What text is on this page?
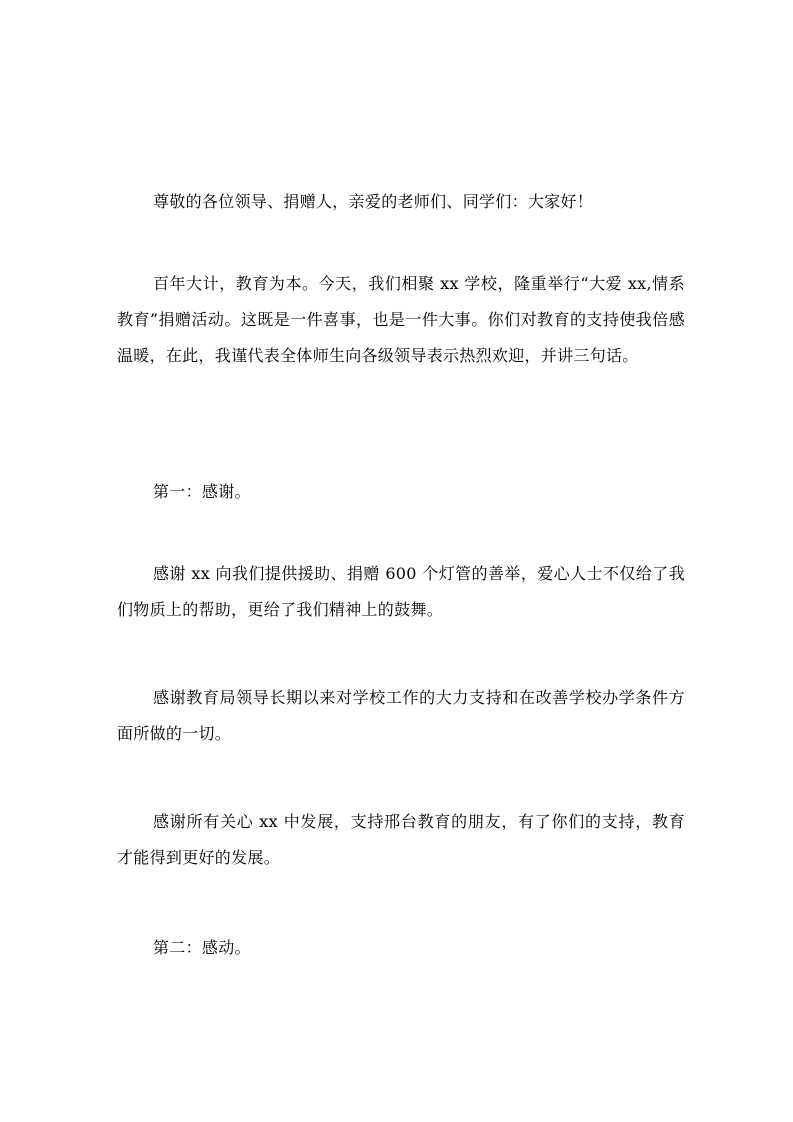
尊敬的各位领导、捐赠人，亲爱的老师们、同学们：大家好！

百年大计，教育为本。今天，我们相聚 xx 学校，隆重举行“大爱 xx,情系教育”捐赠活动。这既是一件喜事，也是一件大事。你们对教育的支持使我倍感温暖，在此，我谨代表全体师生向各级领导表示热烈欢迎，并讲三句话。

第一：感谢。

感谢 xx 向我们提供援助、捐赠 600 个灯管的善举，爱心人士不仅给了我们物质上的帮助，更给了我们精神上的鼓舞。

感谢教育局领导长期以来对学校工作的大力支持和在改善学校办学条件方面所做的一切。

感谢所有关心 xx 中发展，支持邢台教育的朋友，有了你们的支持，教育才能得到更好的发展。

第二：感动。
